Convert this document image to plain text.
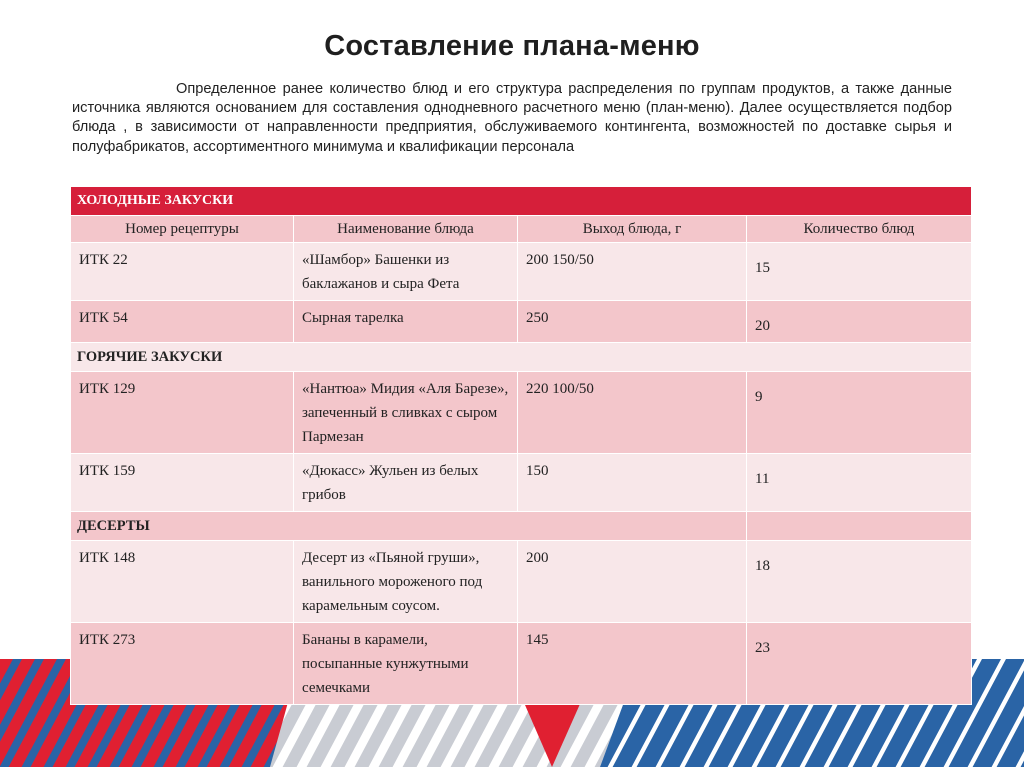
Составление плана-меню
Определенное ранее количество блюд и его структура распределения по группам продуктов, а также данные источника являются основанием для составления однодневного расчетного меню (план-меню). Далее осуществляется подбор блюда , в зависимости от направленности предприятия, обслуживаемого контингента, возможностей по доставке сырья и полуфабрикатов, ассортиментного минимума и квалификации персонала
ХОЛОДНЫЕ ЗАКУСКИ			
Номер рецептуры	Наименование блюда	Выход блюда, г	Количество блюд
ИТК 22	«Шамбор» Башенки из баклажанов и сыра Фета	200 150/50	15
ИТК 54	Сырная тарелка	250	20
ГОРЯЧИЕ ЗАКУСКИ			
ИТК 129	«Нантюа» Мидия «Аля Барезе», запеченный в сливках с сыром Пармезан	220 100/50	9
ИТК 159	«Дюкасс» Жульен из белых грибов	150	11
ДЕСЕРТЫ			
ИТК 148	Десерт из «Пьяной груши», ванильного мороженого под карамельным соусом.	200	18
ИТК 273	Бананы в карамели, посыпанные кунжутными семечками	145	23
